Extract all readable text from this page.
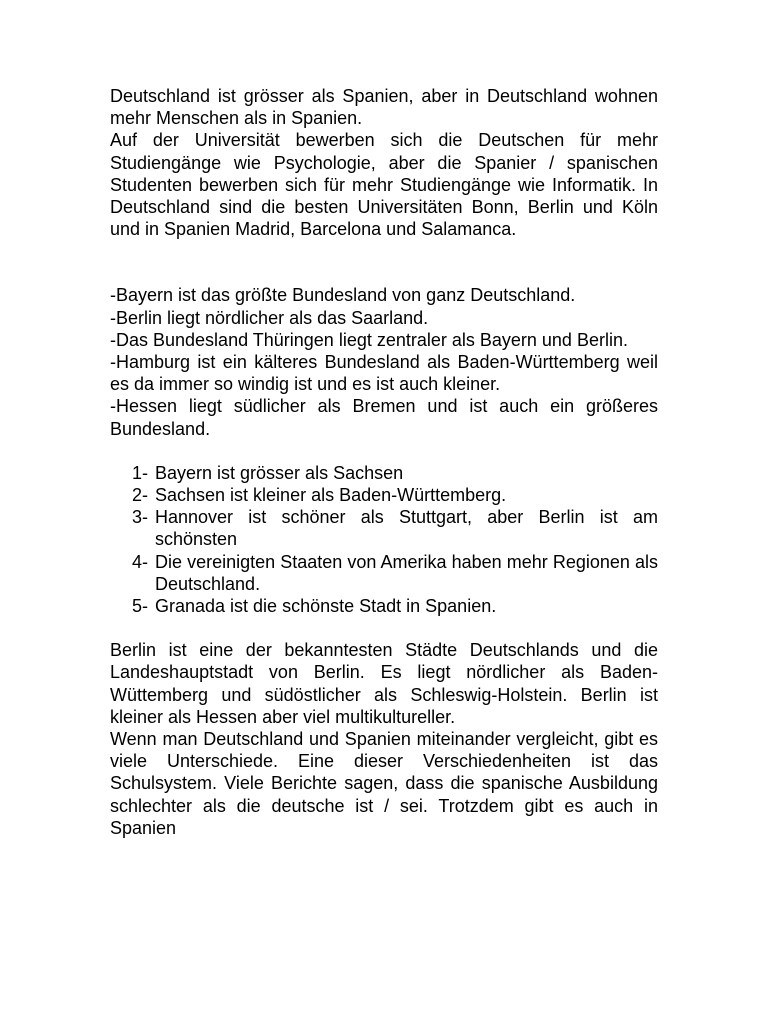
Deutschland ist grösser als Spanien, aber in Deutschland wohnen mehr Menschen als in Spanien.

Auf der Universität bewerben sich die Deutschen für mehr Studiengänge wie Psychologie, aber die Spanier / spanischen Studenten bewerben sich für mehr Studiengänge wie Informatik. In Deutschland sind die besten Universitäten Bonn, Berlin und Köln und in Spanien Madrid, Barcelona und Salamanca.

-Bayern ist das größte Bundesland von ganz Deutschland.

-Berlin liegt nördlicher als das Saarland.

-Das Bundesland Thüringen liegt zentraler als Bayern und Berlin.

-Hamburg ist ein kälteres Bundesland als Baden-Württemberg weil es da immer so windig ist und es ist auch kleiner.

-Hessen liegt südlicher als Bremen und ist auch ein größeres Bundesland.

1- Bayern ist grösser als Sachsen
2- Sachsen ist kleiner als Baden-Württemberg.
3- Hannover ist schöner als Stuttgart, aber Berlin ist am schönsten
4- Die vereinigten Staaten von Amerika haben mehr Regionen als Deutschland.
5- Granada ist die schönste Stadt in Spanien.

Berlin ist eine der bekanntesten Städte Deutschlands und die Landeshauptstadt von Berlin. Es liegt nördlicher als Baden- Wüttemberg und südöstlicher als Schleswig-Holstein. Berlin ist kleiner als Hessen aber viel multikultureller.

Wenn man Deutschland und Spanien miteinander vergleicht, gibt es viele Unterschiede. Eine dieser Verschiedenheiten ist das Schulsystem. Viele Berichte sagen, dass die spanische Ausbildung schlechter als die deutsche ist / sei. Trotzdem gibt es auch in Spanien
